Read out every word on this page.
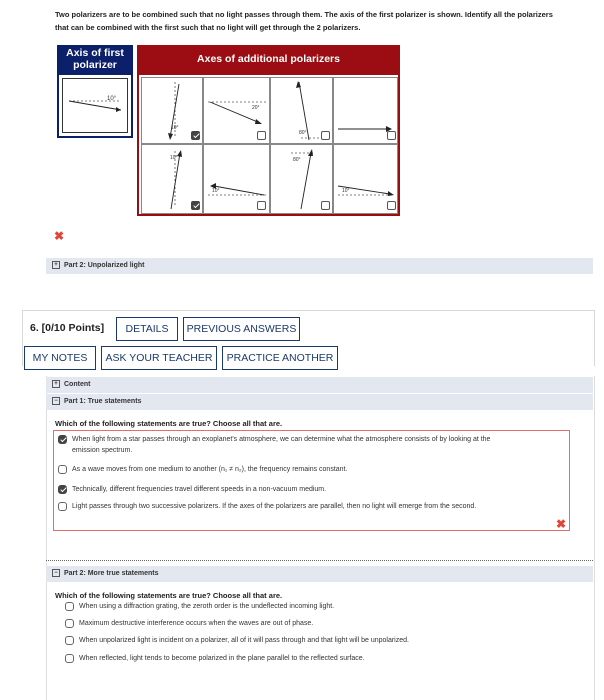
Two polarizers are to be combined such that no light passes through them. The axis of the first polarizer is shown. Identify all the polarizers that can be combined with the first such that no light will get through the 2 polarizers.
Axis of first polarizer	Axes of additional polarizers
10°
10°
20°
80°
10°
10°
80°
10°
✖
+ Part 2: Unpolarized light
6. [0/10 Points]	DETAILS	PREVIOUS ANSWERS
MY NOTES	ASK YOUR TEACHER	PRACTICE ANOTHER
+ Content
− Part 1: True statements
Which of the following statements are true? Choose all that are.
When light from a star passes through an exoplanet's atmosphere, we can determine what the atmosphere consists of by looking at the
emission spectrum.
As a wave moves from one medium to another (n₁ ≠ n₂), the frequency remains constant.
Technically, different frequencies travel different speeds in a non-vacuum medium.
Light passes through two successive polarizers. If the axes of the polarizers are parallel, then no light will emerge from the second.
✖
− Part 2: More true statements
Which of the following statements are true? Choose all that are.
When using a diffraction grating, the zeroth order is the undeflected incoming light.
Maximum destructive interference occurs when the waves are out of phase.
When unpolarized light is incident on a polarizer, all of it will pass through and that light will be unpolarized.
When reflected, light tends to become polarized in the plane parallel to the reflected surface.
